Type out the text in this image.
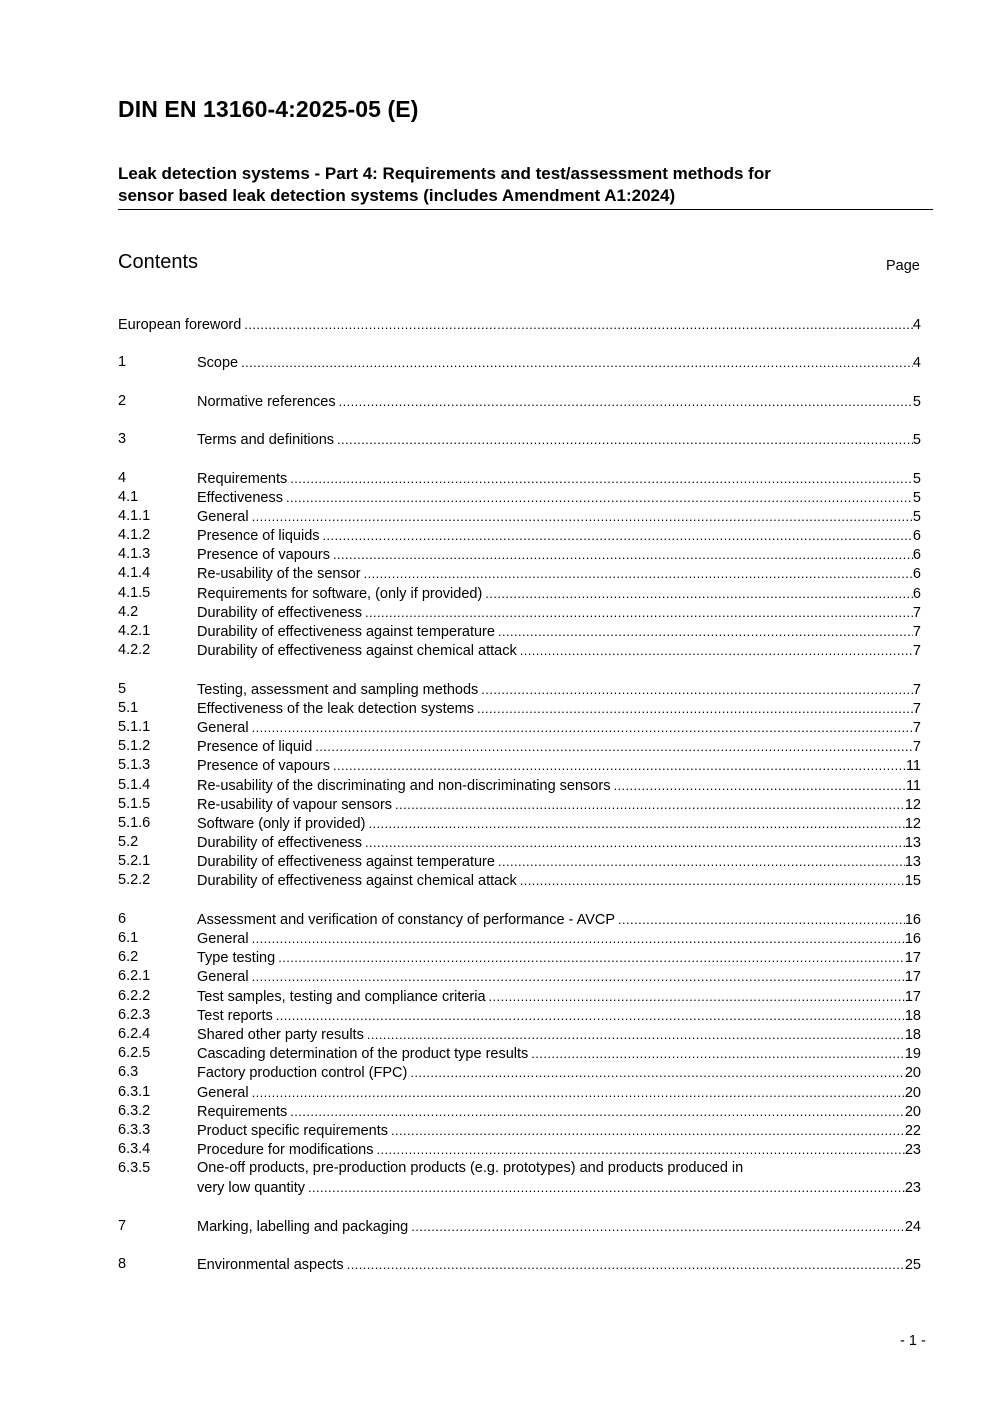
DIN EN 13160-4:2025-05 (E)
Leak detection systems - Part 4: Requirements and test/assessment methods for
sensor based leak detection systems (includes Amendment A1:2024)
Contents	Page
European foreword .....	4
1	Scope .....	4
2	Normative references .....	5
3	Terms and definitions .....	5
4	Requirements .....	5
4.1	Effectiveness .....	5
4.1.1	General .....	5
4.1.2	Presence of liquids .....	6
4.1.3	Presence of vapours .....	6
4.1.4	Re-usability of the sensor .....	6
4.1.5	Requirements for software, (only if provided) .....	6
4.2	Durability of effectiveness .....	7
4.2.1	Durability of effectiveness against temperature .....	7
4.2.2	Durability of effectiveness against chemical attack .....	7
5	Testing, assessment and sampling methods .....	7
5.1	Effectiveness of the leak detection systems .....	7
5.1.1	General .....	7
5.1.2	Presence of liquid .....	7
5.1.3	Presence of vapours .....	11
5.1.4	Re-usability of the discriminating and non-discriminating sensors .....	11
5.1.5	Re-usability of vapour sensors .....	12
5.1.6	Software (only if provided) .....	12
5.2	Durability of effectiveness .....	13
5.2.1	Durability of effectiveness against temperature .....	13
5.2.2	Durability of effectiveness against chemical attack .....	15
6	Assessment and verification of constancy of performance - AVCP .....	16
6.1	General .....	16
6.2	Type testing .....	17
6.2.1	General .....	17
6.2.2	Test samples, testing and compliance criteria .....	17
6.2.3	Test reports .....	18
6.2.4	Shared other party results .....	18
6.2.5	Cascading determination of the product type results .....	19
6.3	Factory production control (FPC) .....	20
6.3.1	General .....	20
6.3.2	Requirements .....	20
6.3.3	Product specific requirements .....	22
6.3.4	Procedure for modifications .....	23
6.3.5	One-off products, pre-production products (e.g. prototypes) and products produced in
very low quantity .....	23
7	Marking, labelling and packaging .....	24
8	Environmental aspects .....	25
- 1 -
